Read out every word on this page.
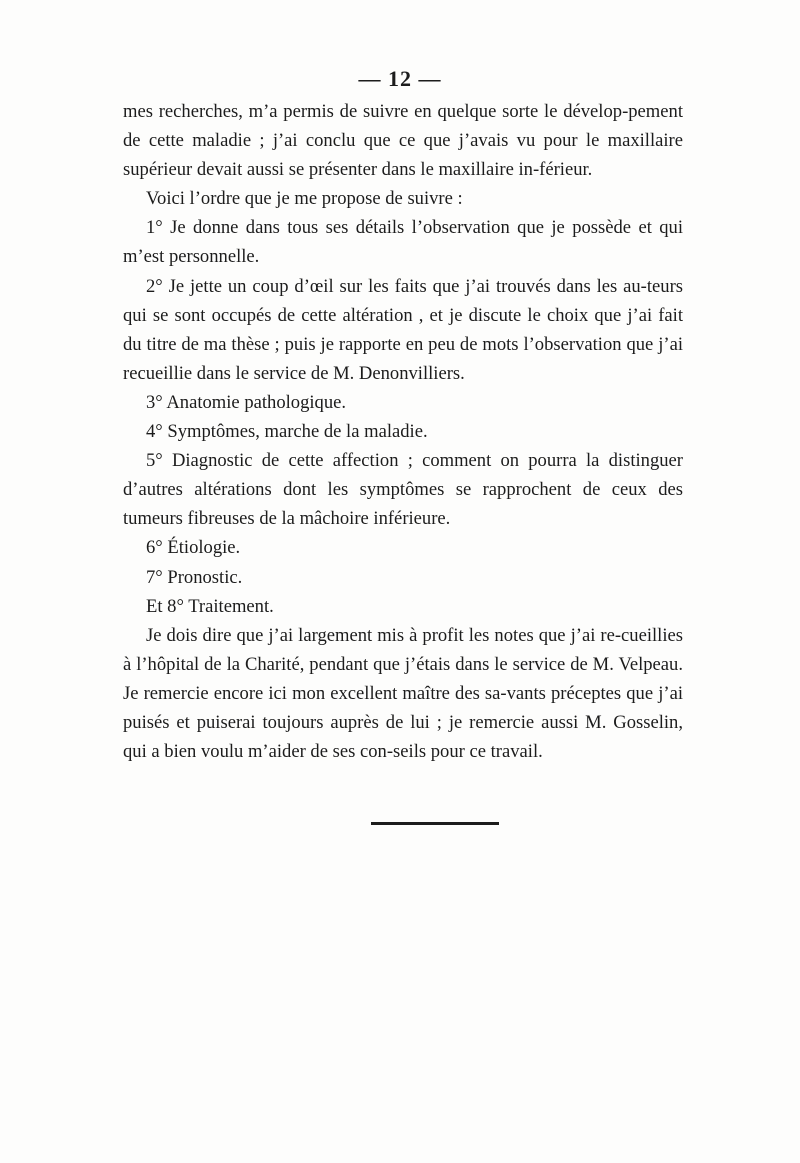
— 12 —

mes recherches, m’a permis de suivre en quelque sorte le dévelop-pement de cette maladie ; j’ai conclu que ce que j’avais vu pour le maxillaire supérieur devait aussi se présenter dans le maxillaire in-férieur.

Voici l’ordre que je me propose de suivre :

1° Je donne dans tous ses détails l’observation que je possède et qui m’est personnelle.

2° Je jette un coup d’œil sur les faits que j’ai trouvés dans les au-teurs qui se sont occupés de cette altération , et je discute le choix que j’ai fait du titre de ma thèse ; puis je rapporte en peu de mots l’observation que j’ai recueillie dans le service de M. Denonvilliers.

3° Anatomie pathologique.

4° Symptômes, marche de la maladie.

5° Diagnostic de cette affection ; comment on pourra la distinguer d’autres altérations dont les symptômes se rapprochent de ceux des tumeurs fibreuses de la mâchoire inférieure.

6° Étiologie.

7° Pronostic.

Et 8° Traitement.

Je dois dire que j’ai largement mis à profit les notes que j’ai re-cueillies à l’hôpital de la Charité, pendant que j’étais dans le service de M. Velpeau. Je remercie encore ici mon excellent maître des sa-vants préceptes que j’ai puisés et puiserai toujours auprès de lui ; je remercie aussi M. Gosselin, qui a bien voulu m’aider de ses con-seils pour ce travail.
